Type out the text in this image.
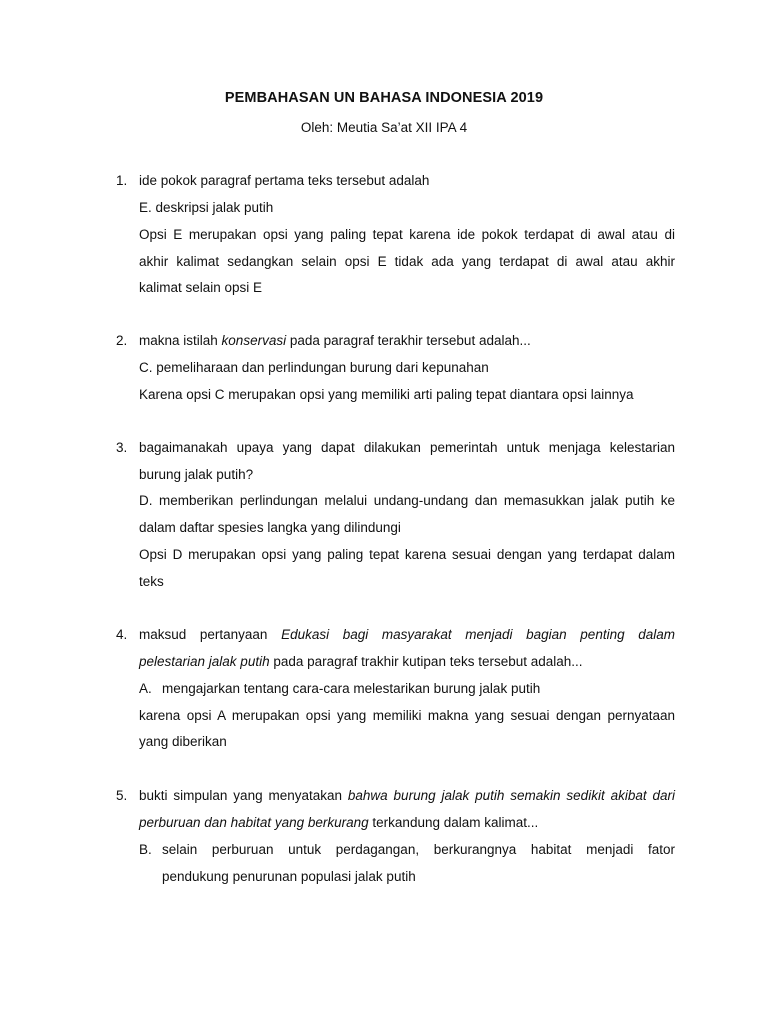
PEMBAHASAN UN BAHASA INDONESIA 2019
Oleh: Meutia Sa’at XII IPA 4
1. ide pokok paragraf pertama teks tersebut adalah
E. deskripsi jalak putih
Opsi E merupakan opsi yang paling tepat karena ide pokok terdapat di awal atau di
akhir kalimat sedangkan selain opsi E tidak ada yang terdapat di awal atau akhir
kalimat selain opsi E
2. makna istilah konservasi pada paragraf terakhir tersebut adalah...
C. pemeliharaan dan perlindungan burung dari kepunahan
Karena opsi C merupakan opsi yang memiliki arti paling tepat diantara opsi lainnya
3. bagaimanakah upaya yang dapat dilakukan pemerintah untuk menjaga kelestarian
burung jalak putih?
D. memberikan perlindungan melalui undang-undang dan memasukkan jalak putih ke
dalam daftar spesies langka yang dilindungi
Opsi D merupakan opsi yang paling tepat karena sesuai dengan yang terdapat dalam
teks
4. maksud pertanyaan Edukasi bagi masyarakat menjadi bagian penting dalam
pelestarian jalak putih pada paragraf trakhir kutipan teks tersebut adalah...
A. mengajarkan tentang cara-cara melestarikan burung jalak putih
karena opsi A merupakan opsi yang memiliki makna yang sesuai dengan pernyataan
yang diberikan
5. bukti simpulan yang menyatakan bahwa burung jalak putih semakin sedikit akibat dari
perburuan dan habitat yang berkurang terkandung dalam kalimat...
B. selain perburuan untuk perdagangan, berkurangnya habitat menjadi fator
pendukung penurunan populasi jalak putih
